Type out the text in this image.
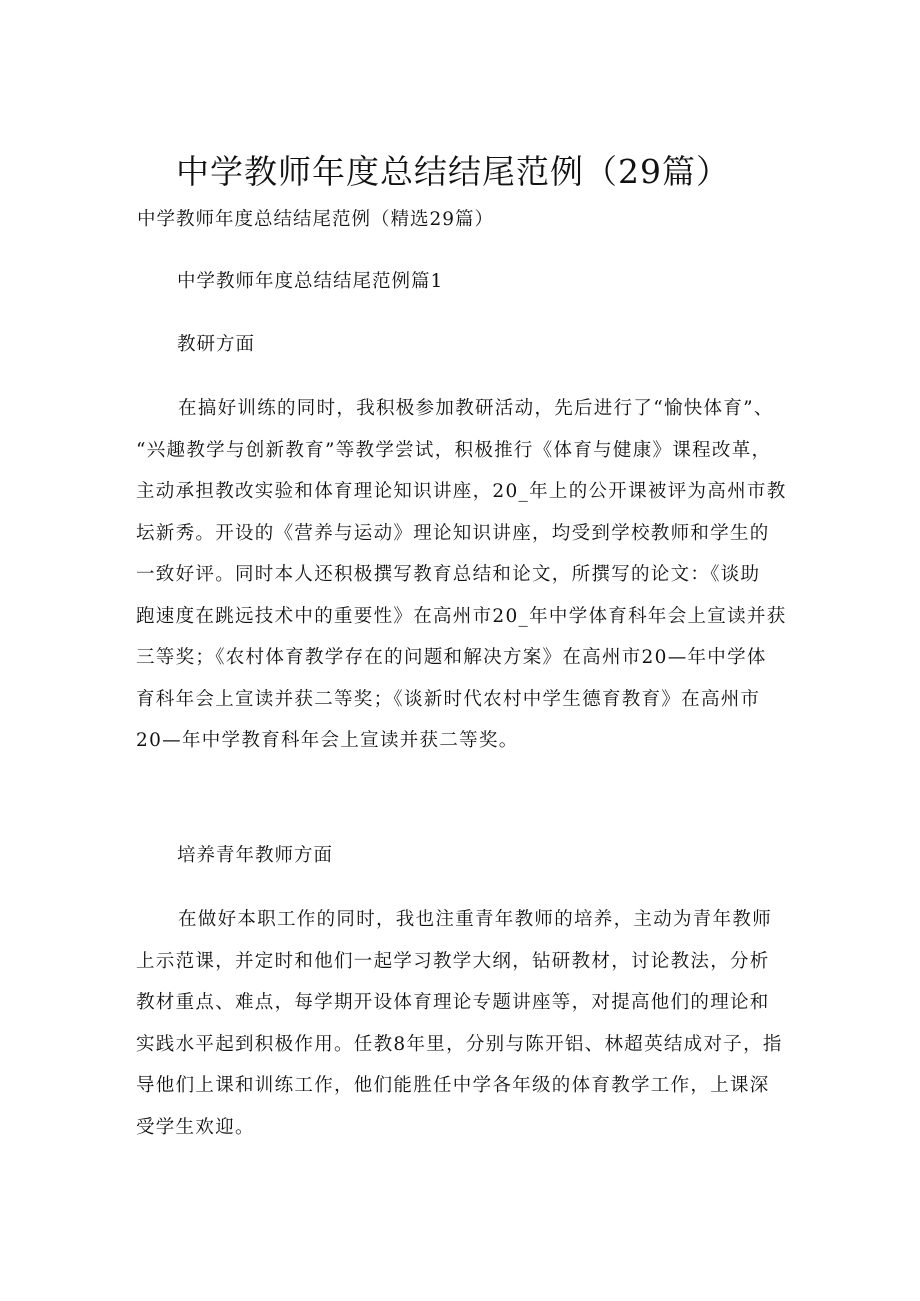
中学教师年度总结结尾范例（29篇）

中学教师年度总结结尾范例（精选29篇）

中学教师年度总结结尾范例篇1

教研方面

在搞好训练的同时，我积极参加教研活动，先后进行了“愉快体育”、
“兴趣教学与创新教育”等教学尝试，积极推行《体育与健康》课程改革，
主动承担教改实验和体育理论知识讲座，20_年上的公开课被评为高州市教
坛新秀。开设的《营养与运动》理论知识讲座，均受到学校教师和学生的
一致好评。同时本人还积极撰写教育总结和论文，所撰写的论文：《谈助
跑速度在跳远技术中的重要性》在高州市20_年中学体育科年会上宣读并获
三等奖；《农村体育教学存在的问题和解决方案》在高州市20—年中学体
育科年会上宣读并获二等奖；《谈新时代农村中学生德育教育》在高州市
20—年中学教育科年会上宣读并获二等奖。

培养青年教师方面

在做好本职工作的同时，我也注重青年教师的培养，主动为青年教师
上示范课，并定时和他们一起学习教学大纲，钻研教材，讨论教法，分析
教材重点、难点，每学期开设体育理论专题讲座等，对提高他们的理论和
实践水平起到积极作用。任教8年里，分别与陈开铝、林超英结成对子，指
导他们上课和训练工作，他们能胜任中学各年级的体育教学工作，上课深
受学生欢迎。
